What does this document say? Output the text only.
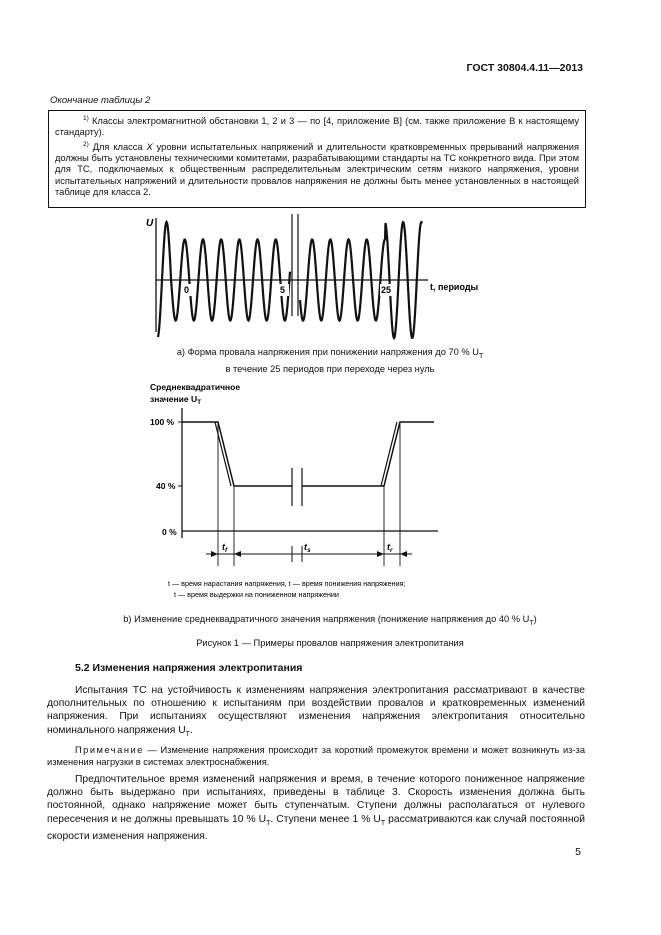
ГОСТ 30804.4.11—2013
Окончание таблицы 2

$^{1)}$ Классы электромагнитной обстановки 1, 2 и 3 — по [4, приложение В] (см. также приложение В к настоящему стандарту).

$^{2)}$ Для класса X уровни испытательных напряжений и длительности кратковременных прерываний напряжения должны быть установлены техническими комитетами, разрабатывающими стандарты на ТС конкретного вида. При этом для ТС, подключаемых к общественным распределительным электрическим сетям низкого напряжения, уровни испытательных напряжений и длительности провалов напряжения не должны быть менее установленных в настоящей таблице для класса 2.

U
t, периоды
0	5	25
a) Форма провала напряжения при понижении напряжения до 70 % $U_T$
в течение 25 периодов при переходе через нуль
Среднеквадратичное
значение $U_T$
100 %
40 %
0 %
$t_f$	$t_s$	$t_r$
t — время нарастания напряжения, t — время понижения напряжения;
t — время выдержки на пониженном напряжении
b) Изменение среднеквадратичного значения напряжения (понижение напряжения до 40 % $U_T$)
Рисунок 1 — Примеры провалов напряжения электропитания
5.2 Изменения напряжения электропитания

Испытания ТС на устойчивость к изменениям напряжения электропитания рассматривают в качестве дополнительных по отношению к испытаниям при воздействии провалов и кратковременных изменений напряжения. При испытаниях осуществляют изменения напряжения электропитания относительно номинального напряжения $U_T$.

Примечание — Изменение напряжения происходит за короткий промежуток времени и может возникнуть из-за изменения нагрузки в системах электроснабжения.

Предпочтительное время изменений напряжения и время, в течение которого пониженное напряжение должно быть выдержано при испытаниях, приведены в таблице 3. Скорость изменения должна быть постоянной, однако напряжение может быть ступенчатым. Ступени должны располагаться от нулевого пересечения и не должны превышать 10 % $U_T$. Ступени менее 1 % $U_T$ рассматриваются как случай постоянной скорости изменения напряжения.

5
